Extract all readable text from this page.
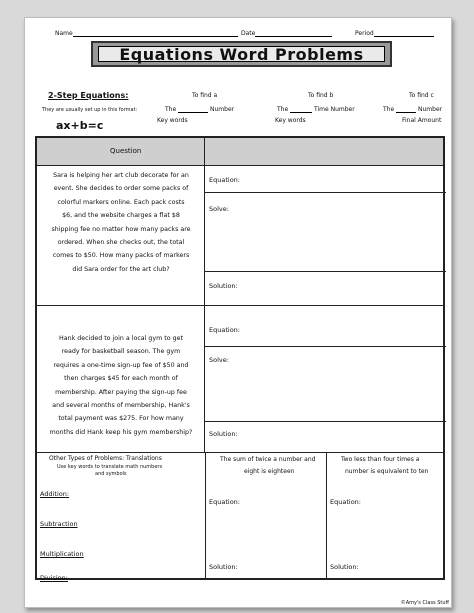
Name	Date	Period
Equations Word Problems
2-Step Equations:
They are usually set up in this format:
ax+b=c
To find a
The	Number
Key words
To find b
The	Time Number
Key words
To find c
The	Number
Final Amount
Question
Sara is helping her art club decorate for an
event. She decides to order some packs of
colorful markers online. Each pack costs
$6, and the website charges a flat $8
shipping fee no matter how many packs are
ordered. When she checks out, the total
comes to $50. How many packs of markers
did Sara order for the art club?
Equation:
Solve:
Solution:
Hank decided to join a local gym to get
ready for basketball season. The gym
requires a one-time sign-up fee of $50 and
then charges $45 for each month of
membership. After paying the sign-up fee
and several months of membership, Hank's
total payment was $275. For how many
months did Hank keep his gym membership?
Equation:
Solve:
Solution:
Other Types of Problems: Translations
Use key words to translate math numbers
and symbols
Addition:
Subtraction
Multiplication
Division:
The sum of twice a number and
eight is eighteen
Equation:
Solution:
Two less than four times a
number is equivalent to ten
Equation:
Solution:
©Amy's Class Stuff
